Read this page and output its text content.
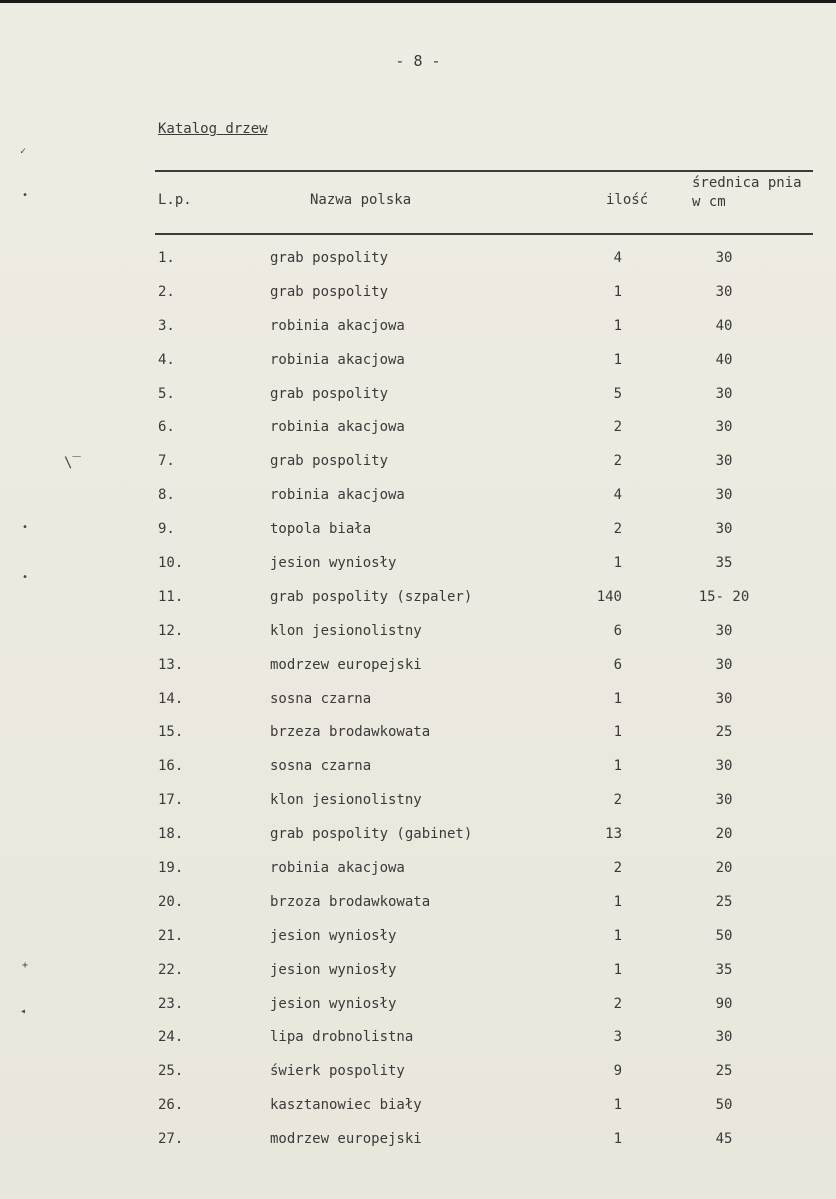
- 8 -
Katalog drzew
L.p.	Nazwa polska	ilość
średnica pnia
w cm
1.	grab pospolity	4	30
2.	grab pospolity	1	30
3.	robinia akacjowa	1	40
4.	robinia akacjowa	1	40
5.	grab pospolity	5	30
6.	robinia akacjowa	2	30
7.	grab pospolity	2	30
8.	robinia akacjowa	4	30
9.	topola biała	2	30
10.	jesion wyniosły	1	35
11.	grab pospolity (szpaler)	140	15- 20
12.	klon jesionolistny	6	30
13.	modrzew europejski	6	30
14.	sosna czarna	1	30
15.	brzeza brodawkowata	1	25
16.	sosna czarna	1	30
17.	klon jesionolistny	2	30
18.	grab pospolity (gabinet)	13	20
19.	robinia akacjowa	2	20
20.	brzoza brodawkowata	1	25
21.	jesion wyniosły	1	50
22.	jesion wyniosły	1	35
23.	jesion wyniosły	2	90
24.	lipa drobnolistna	3	30
25.	świerk pospolity	9	25
26.	kasztanowiec biały	1	50
27.	modrzew europejski	1	45
✓
•
\‾
•
•
+
◂
